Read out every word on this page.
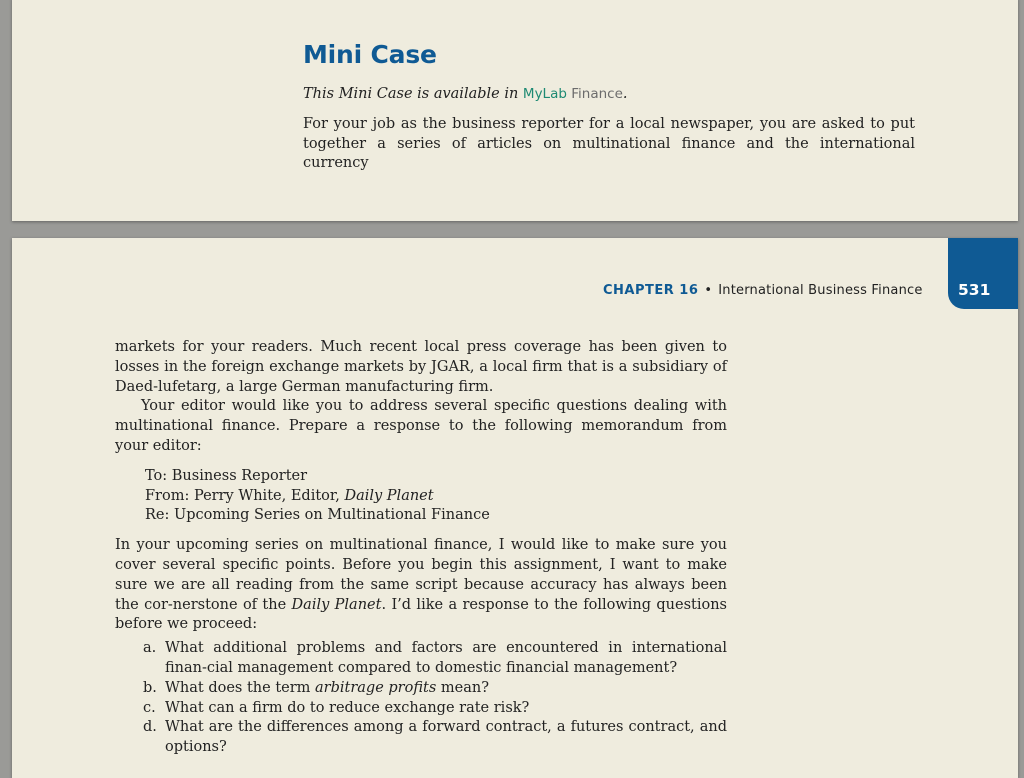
Mini Case
This Mini Case is available in MyLab Finance.
For your job as the business reporter for a local newspaper, you are asked to put together a series of articles on multinational finance and the international currency
CHAPTER 16 • International Business Finance 531

markets for your readers. Much recent local press coverage has been given to losses in the foreign exchange markets by JGAR, a local firm that is a subsidiary of Daed-lufetarg, a large German manufacturing firm.

Your editor would like you to address several specific questions dealing with multinational finance. Prepare a response to the following memorandum from your editor:

To: Business Reporter
From: Perry White, Editor, Daily Planet
Re: Upcoming Series on Multinational Finance

In your upcoming series on multinational finance, I would like to make sure you cover several specific points. Before you begin this assignment, I want to make sure we are all reading from the same script because accuracy has always been the cor-nerstone of the Daily Planet. I’d like a response to the following questions before we proceed:

a. What additional problems and factors are encountered in international finan-cial management compared to domestic financial management?
b. What does the term arbitrage profits mean?
c. What can a firm do to reduce exchange rate risk?
d. What are the differences among a forward contract, a futures contract, and options?
